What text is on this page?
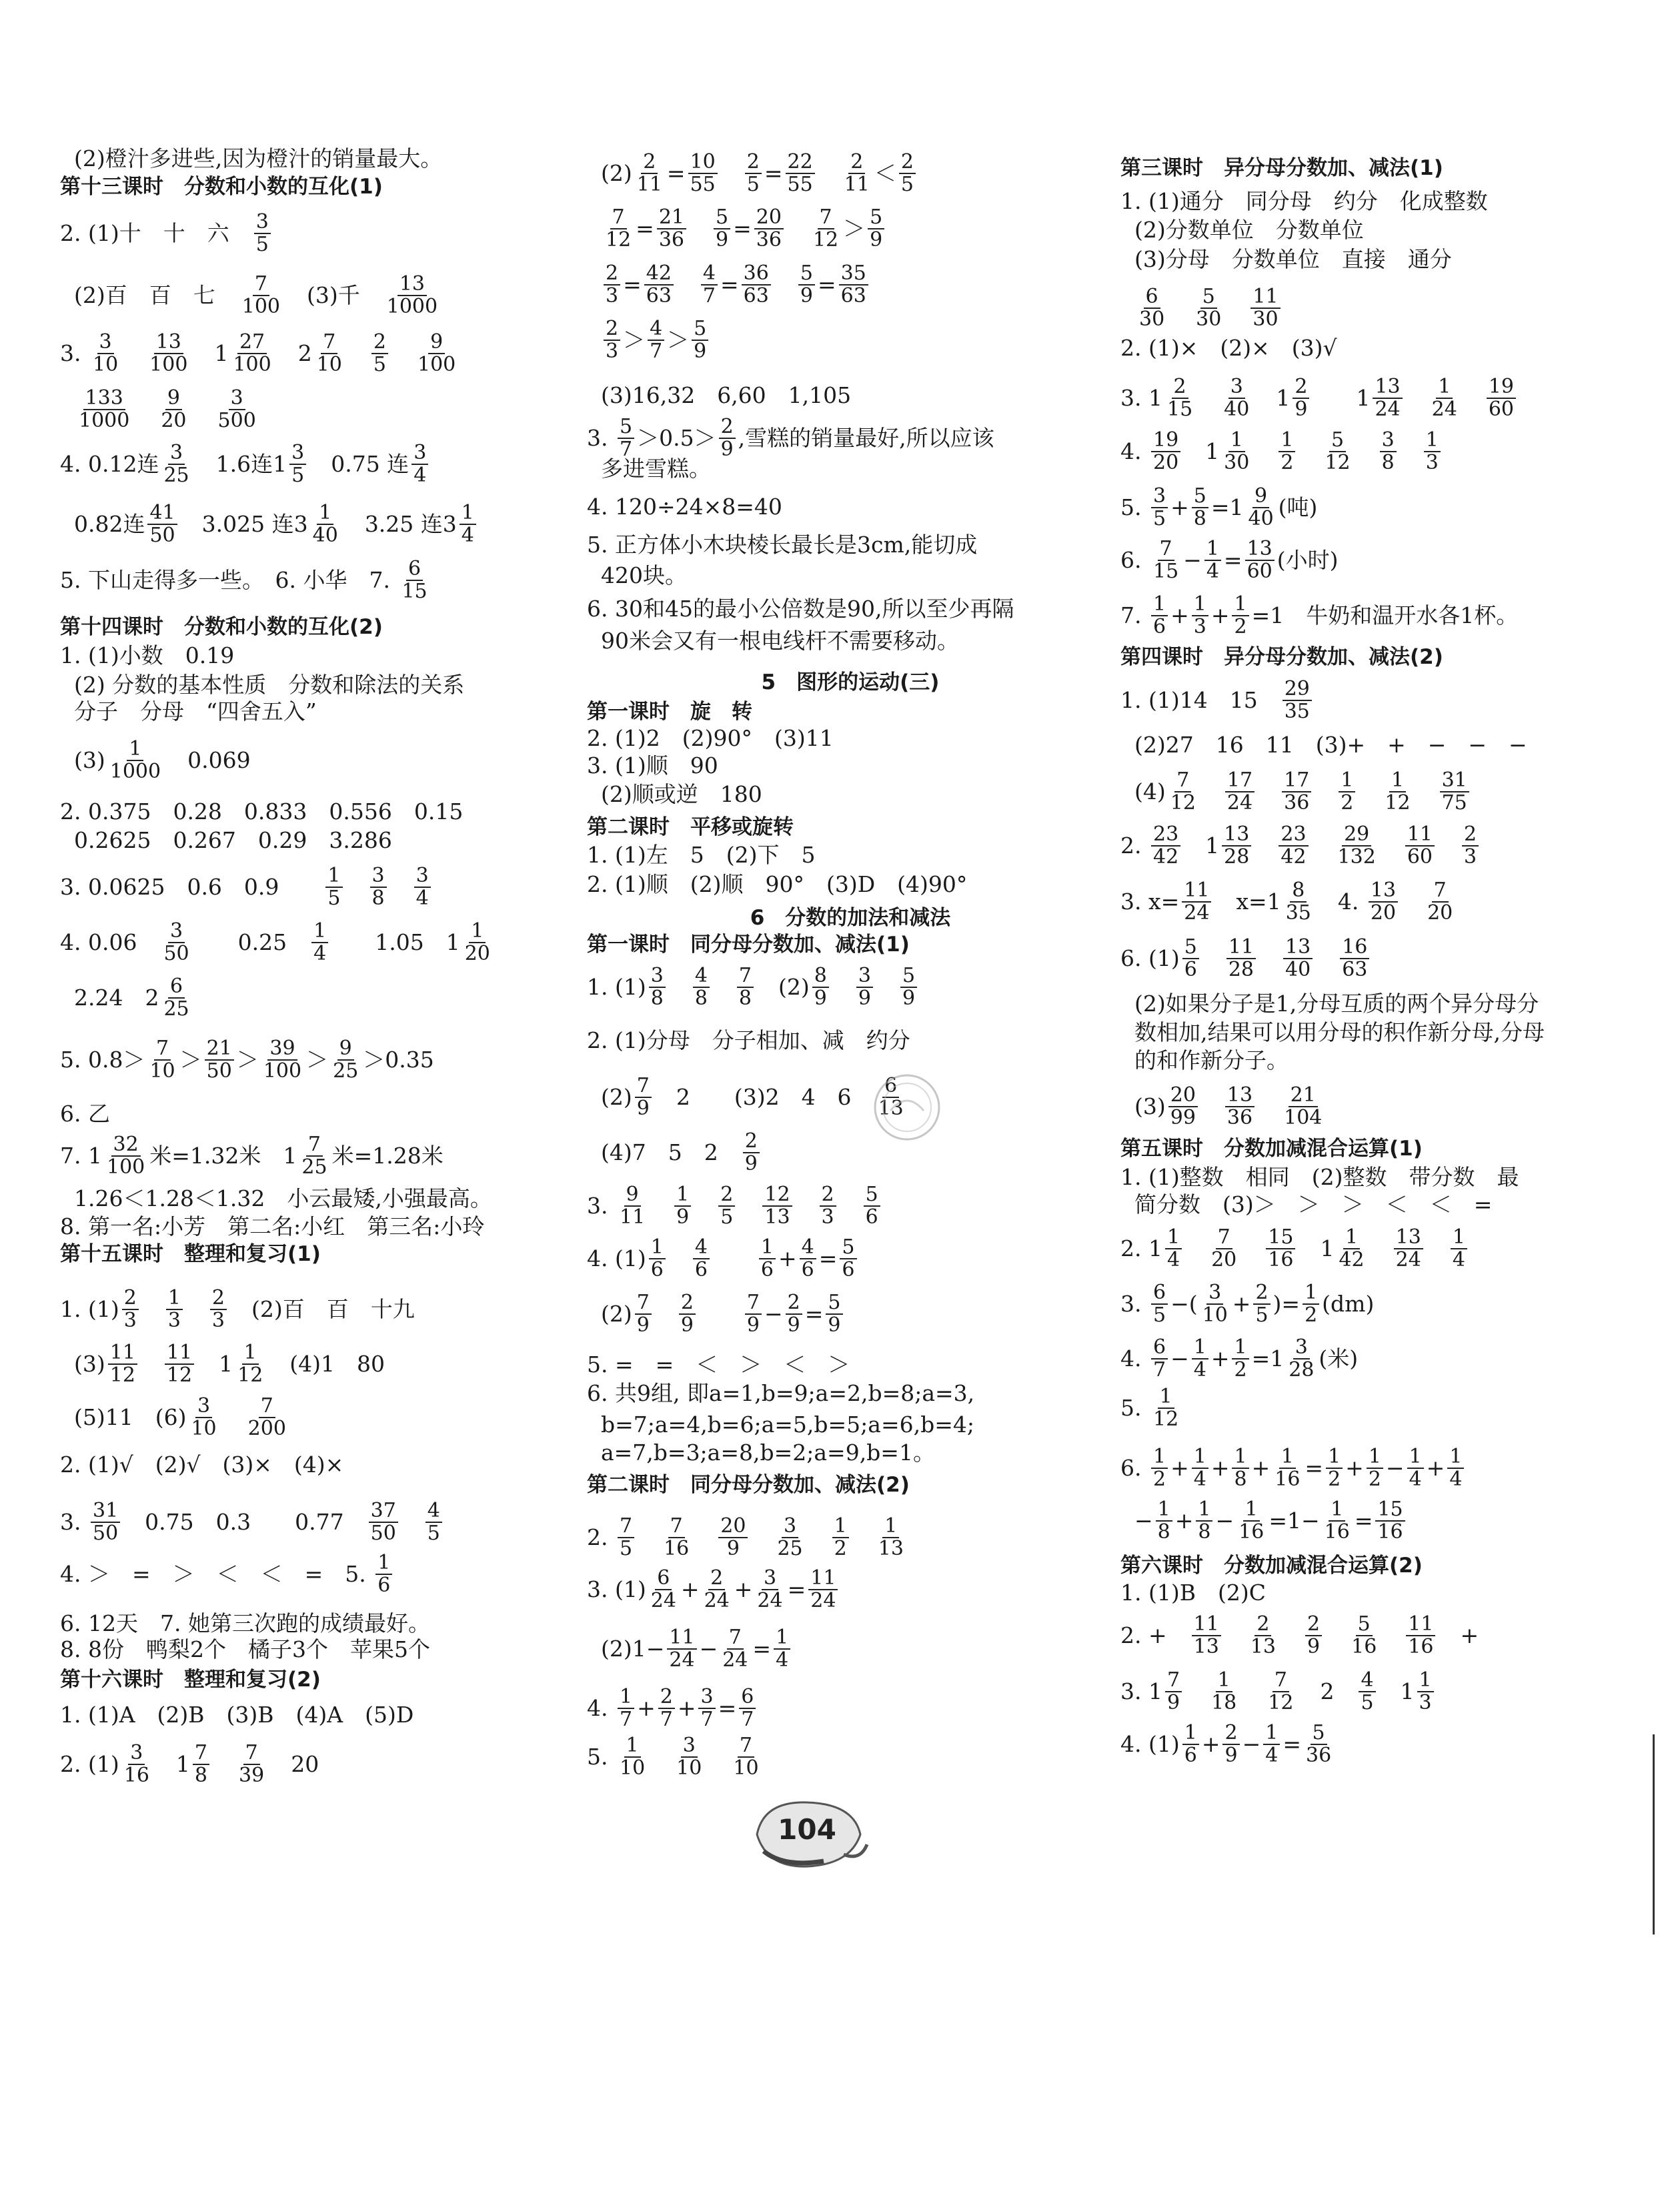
(2)橙汁多进些,因为橙汁的销量最大。
第十三课时　分数和小数的互化(1)
2. (1)十　十　六　 $\frac{3}{5}$
(2)百　百　七　 $\frac{7}{100}$ 　(3)千　 $\frac{13}{1000}$
3. $\frac{3}{10}$
　 $\frac{13}{100}$ 　$1 \frac{27}{100}$ 　$2 \frac{7}{10}$
　 $\frac{2}{5}$
　 $\frac{9}{100}$

$\frac{133}{1000}$
　 $\frac{9}{20}$
　 $\frac{3}{500}$
4. 0.12连 $\frac{3}{25}$ 　1.6连$1 \frac{3}{5}$ 　0.75 连 $\frac{3}{4}$
0.82连 $\frac{41}{50}$ 　3.025 连$3 \frac{1}{40}$ 　3.25 连$3 \frac{1}{4}$
5. 下山走得多一些。　6. 小华　7. $\frac{6}{15}$
第十四课时　分数和小数的互化(2)
1. (1)小数　0.19
(2) 分数的基本性质　分数和除法的关系
分子　分母　“四舍五入”
$(3) \frac{1}{1000}$ 　0.069
2. 0.375　0.28　0.833　0.556　0.15
0.2625　0.267　0.29　3.286
3. 0.0625　0.6　0.9　　 $\frac{1}{5}$
　 $\frac{3}{8}$
　 $\frac{3}{4}$
4. 0.06　 $\frac{3}{50}$ 　　0.25　 $\frac{1}{4}$ 　　1.05　$1 \frac{1}{20}$
2.24　$2 \frac{6}{25}$
5. $0.8> \frac{7}{10} > \frac{21}{50} > \frac{39}{100} > \frac{9}{25} >0.35$
6. 乙
7. $1 \frac{32}{100}$ 米=1.32米　$1 \frac{7}{25}$ 米=1.28米
1.26＜1.28＜1.32　小云最矮,小强最高。
8. 第一名:小芳　第二名:小红　第三名:小玲
第十五课时　整理和复习(1)
1. $(1) \frac{2}{3}$
　 $\frac{1}{3}$
　 $\frac{2}{3}$ 　(2)百　百　十九
$(3) \frac{11}{12}$
　 $\frac{11}{12}$ 　$1 \frac{1}{12}$ 　(4)1　80
(5)11　$(6) \frac{3}{10}$
　 $\frac{7}{200}$
2. (1)√　(2)√　(3)×　(4)×
3. $\frac{31}{50}$ 　0.75　0.3　　0.77　 $\frac{37}{50}$
　 $\frac{4}{5}$
4. ＞　=　＞　＜　＜　=　5. $\frac{1}{6}$
6. 12天　7. 她第三次跑的成绩最好。
8. 8份　鸭梨2个　橘子3个　苹果5个
第十六课时　整理和复习(2)
1. (1)A　(2)B　(3)B　(4)A　(5)D
2. $(1) \frac{3}{16}$ 　$1 \frac{7}{8}$
　 $\frac{7}{39}$ 　20
$(2) \frac{2}{11} = \frac{10}{55}$
　 $\frac{2}{5} = \frac{22}{55}$
　 $\frac{2}{11} < \frac{2}{5}$

$\frac{7}{12} = \frac{21}{36}$
　 $\frac{5}{9} = \frac{20}{36}$
　 $\frac{7}{12} > \frac{5}{9}$

$\frac{2}{3} = \frac{42}{63}$
　 $\frac{4}{7} = \frac{36}{63}$
　 $\frac{5}{9} = \frac{35}{63}$

$\frac{2}{3} > \frac{4}{7} > \frac{5}{9}$
(3)16,32　6,60　1,105
3. $\frac{5}{7} >0.5> \frac{2}{9}$ ,雪糕的销量最好,所以应该
多进雪糕。
4. 120÷24×8=40
5. 正方体小木块棱长最长是3cm,能切成
420块。
6. 30和45的最小公倍数是90,所以至少再隔
90米会又有一根电线杆不需要移动。
5　图形的运动(三)
第一课时　旋　转
2. (1)2　(2)90°　(3)11
3. (1)顺　90
(2)顺或逆　180
第二课时　平移或旋转
1. (1)左　5　(2)下　5
2. (1)顺　(2)顺　90°　(3)D　(4)90°
6　分数的加法和减法
第一课时　同分母分数加、减法(1)
1. $(1) \frac{3}{8}$
　 $\frac{4}{8}$
　 $\frac{7}{8}$ 　$(2) \frac{8}{9}$
　 $\frac{3}{9}$
　 $\frac{5}{9}$
2. (1)分母　分子相加、减　约分
$(2) \frac{7}{9}$ 　2　　(3)2　4　6　 $\frac{6}{13}$
(4)7　5　2　 $\frac{2}{9}$
3. $\frac{9}{11}$
　 $\frac{1}{9}$
　 $\frac{2}{5}$
　 $\frac{12}{13}$
　 $\frac{2}{3}$
　 $\frac{5}{6}$
4. $(1) \frac{1}{6}$
　 $\frac{4}{6}$
　　 $\frac{1}{6} + \frac{4}{6} = \frac{5}{6}$
$(2) \frac{7}{9}$
　 $\frac{2}{9}$
　　 $\frac{7}{9} - \frac{2}{9} = \frac{5}{9}$
5. =　=　＜　＞　＜　＞
6. 共9组, 即a=1,b=9;a=2,b=8;a=3,
b=7;a=4,b=6;a=5,b=5;a=6,b=4;
a=7,b=3;a=8,b=2;a=9,b=1。
第二课时　同分母分数加、减法(2)
2. $\frac{7}{5}$
　 $\frac{7}{16}$
　 $\frac{20}{9}$
　 $\frac{3}{25}$
　 $\frac{1}{2}$
　 $\frac{1}{13}$
3. $(1) \frac{6}{24} + \frac{2}{24} + \frac{3}{24} = \frac{11}{24}$
$(2)1- \frac{11}{24} - \frac{7}{24} = \frac{1}{4}$
4. $\frac{1}{7} + \frac{2}{7} + \frac{3}{7} = \frac{6}{7}$
5. $\frac{1}{10}$
　 $\frac{3}{10}$
　 $\frac{7}{10}$
第三课时　异分母分数加、减法(1)
1. (1)通分　同分母　约分　化成整数
(2)分数单位　分数单位
(3)分母　分数单位　直接　通分

$\frac{6}{30}$
　 $\frac{5}{30}$
　 $\frac{11}{30}$
2. (1)×　(2)×　(3)√
3. $1 \frac{2}{15}$
　 $\frac{3}{40}$ 　$1 \frac{2}{9}$ 　　$1 \frac{13}{24}$
　 $\frac{1}{24}$
　 $\frac{19}{60}$
4. $\frac{19}{20}$ 　$1 \frac{1}{30}$
　 $\frac{1}{2}$
　 $\frac{5}{12}$
　 $\frac{3}{8}$
　 $\frac{1}{3}$
5. $\frac{3}{5} + \frac{5}{8} =1 \frac{9}{40}$ (吨)
6. $\frac{7}{15} - \frac{1}{4} = \frac{13}{60}$ (小时)
7. $\frac{1}{6} + \frac{1}{3} + \frac{1}{2} =1$　牛奶和温开水各1杯。
第四课时　异分母分数加、减法(2)
1. (1)14　15　 $\frac{29}{35}$
(2)27　16　11　(3)+　+　−　−　−
$(4) \frac{7}{12}$
　 $\frac{17}{24}$
　 $\frac{17}{36}$
　 $\frac{1}{2}$
　 $\frac{1}{12}$
　 $\frac{31}{75}$
2. $\frac{23}{42}$ 　$1 \frac{13}{28}$
　 $\frac{23}{42}$
　 $\frac{29}{132}$
　 $\frac{11}{60}$
　 $\frac{2}{3}$
3. $x= \frac{11}{24}$ 　$x=1 \frac{8}{35}$ 　4. $\frac{13}{20}$
　 $\frac{7}{20}$
6. $(1) \frac{5}{6}$
　 $\frac{11}{28}$
　 $\frac{13}{40}$
　 $\frac{16}{63}$
(2)如果分子是1,分母互质的两个异分母分
数相加,结果可以用分母的积作新分母,分母
的和作新分子。
$(3) \frac{20}{99}$
　 $\frac{13}{36}$
　 $\frac{21}{104}$
第五课时　分数加减混合运算(1)
1. (1)整数　相同　(2)整数　带分数　最
简分数　(3)＞　＞　＞　＜　＜　=
2. $1 \frac{1}{4}$
　 $\frac{7}{20}$
　 $\frac{15}{16}$ 　$1 \frac{1}{42}$
　 $\frac{13}{24}$
　 $\frac{1}{4}$
3. $\frac{6}{5}$ −( $\frac{3}{10} + \frac{2}{5}$ )= $\frac{1}{2} (dm)$
4. $\frac{6}{7} - \frac{1}{4} + \frac{1}{2} =1 \frac{3}{28}$ (米)
5. $\frac{1}{12}$
6. $\frac{1}{2} + \frac{1}{4} + \frac{1}{8} + \frac{1}{16} = \frac{1}{2} + \frac{1}{2} - \frac{1}{4} + \frac{1}{4}$
− $\frac{1}{8} + \frac{1}{8} - \frac{1}{16} =1- \frac{1}{16} = \frac{15}{16}$
第六课时　分数加减混合运算(2)
1. (1)B　(2)C
2. +　 $\frac{11}{13}$
　 $\frac{2}{13}$
　 $\frac{2}{9}$
　 $\frac{5}{16}$
　 $\frac{11}{16}$ 　+
3. $1 \frac{7}{9}$
　 $\frac{1}{18}$
　 $\frac{7}{12}$ 　2　 $\frac{4}{5}$ 　$1 \frac{1}{3}$
4. $(1) \frac{1}{6} + \frac{2}{9} - \frac{1}{4} = \frac{5}{36}$
104
